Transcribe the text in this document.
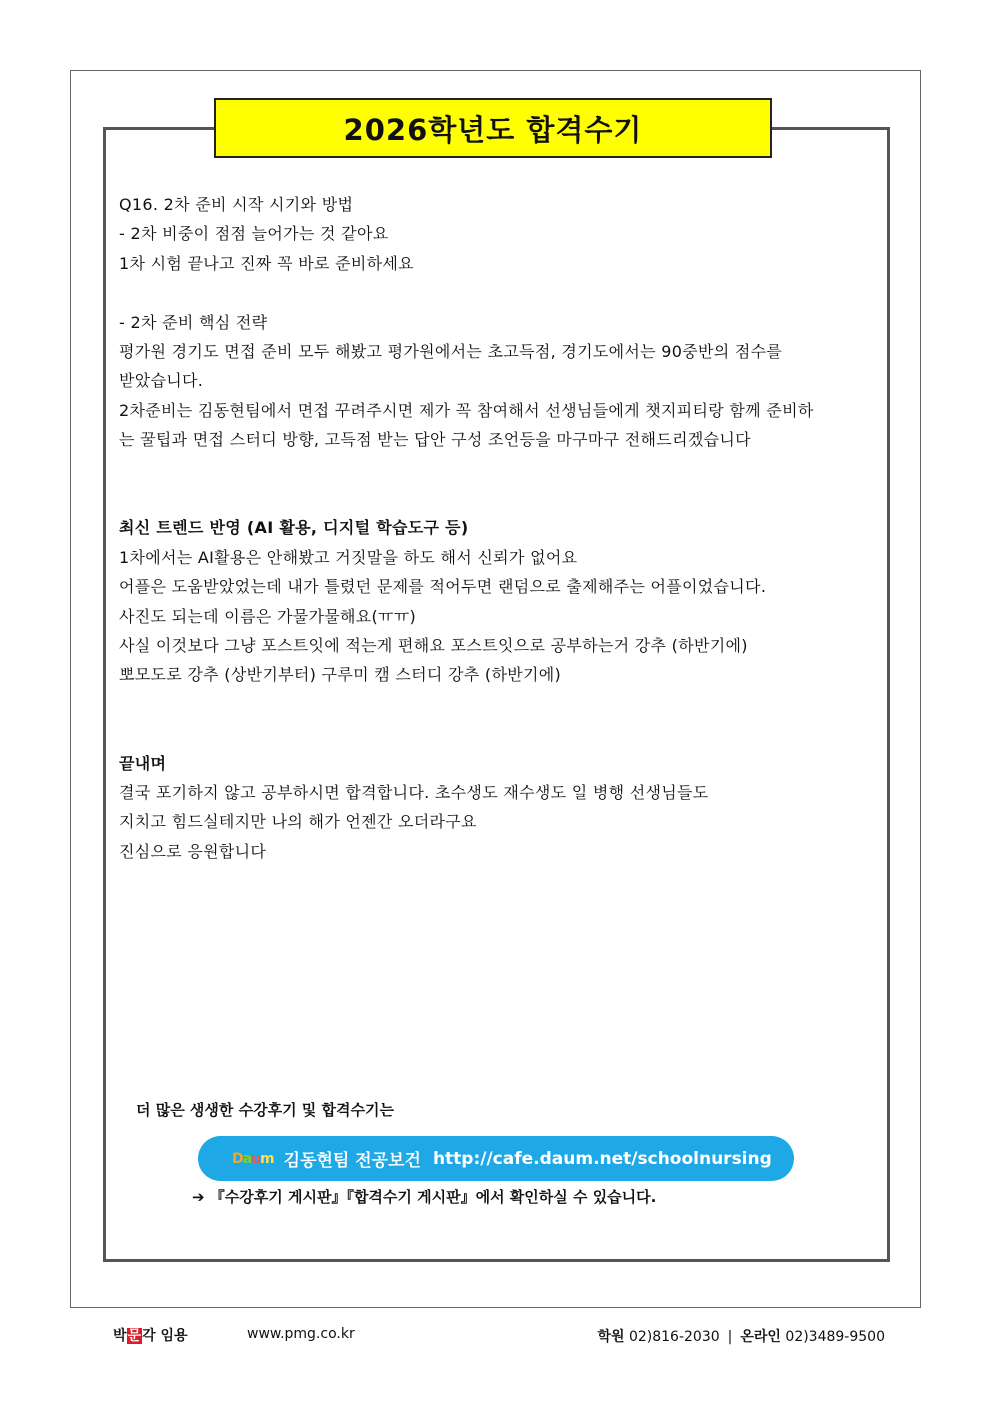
2026학년도 합격수기

Q16. 2차 준비 시작 시기와 방법

- 2차 비중이 점점 늘어가는 것 같아요

1차 시험 끝나고 진짜 꼭 바로 준비하세요

- 2차 준비 핵심 전략

평가원 경기도 면접 준비 모두 해봤고 평가원에서는 초고득점, 경기도에서는 90중반의 점수를

받았습니다.

2차준비는 김동현팀에서 면접 꾸려주시면 제가 꼭 참여해서 선생님들에게 챗지피티랑 함께 준비하

는 꿀팁과 면접 스터디 방향, 고득점 받는 답안 구성 조언등을 마구마구 전해드리겠습니다

최신 트렌드 반영 (AI 활용, 디지털 학습도구 등)

1차에서는 AI활용은 안해봤고 거짓말을 하도 해서 신뢰가 없어요

어플은 도움받았었는데 내가 틀렸던 문제를 적어두면 랜덤으로 출제해주는 어플이었습니다.

사진도 되는데 이름은 가물가물해요(ㅠㅠ)

사실 이것보다 그냥 포스트잇에 적는게 편해요 포스트잇으로 공부하는거 강추 (하반기에)

뽀모도로 강추 (상반기부터) 구루미 캠 스터디 강추 (하반기에)

끝내며

결국 포기하지 않고 공부하시면 합격합니다. 초수생도 재수생도 일 병행 선생님들도

지치고 힘드실테지만 나의 해가 언젠간 오더라구요

진심으로 응원합니다

더 많은 생생한 수강후기 및 합격수기는
Daum 김동현팀 전공보건 http://cafe.daum.net/schoolnursing
➔ 『수강후기 게시판』『합격수기 게시판』에서 확인하실 수 있습니다.
박문각 임용	www.pmg.co.kr	학원 02)816-2030 | 온라인 02)3489-9500
